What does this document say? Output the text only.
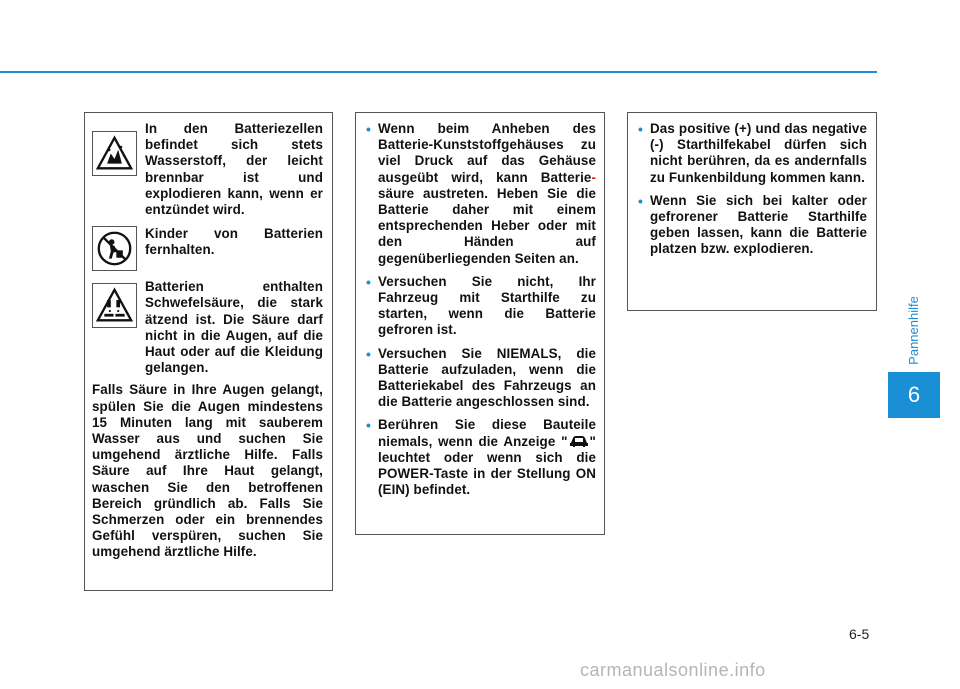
Pannenhilfe
6
In den Batteriezellen befindet sich stets Wasserstoff, der leicht brennbar ist und explodieren kann, wenn er entzündet wird.
Kinder von Batterien fernhalten.
Batterien enthalten Schwefelsäure, die stark ätzend ist. Die Säure darf nicht in die Augen, auf die Haut oder auf die Kleidung gelangen.
Falls Säure in Ihre Augen gelangt, spülen Sie die Augen mindestens 15 Minuten lang mit sauberem Wasser aus und suchen Sie umgehend ärztliche Hilfe. Falls Säure auf Ihre Haut gelangt, waschen Sie den betroffenen Bereich gründlich ab. Falls Sie Schmerzen oder ein brennendes Gefühl verspüren, suchen Sie umgehend ärztliche Hilfe.
• Wenn beim Anheben des Batterie-Kunststoffgehäuses zu viel Druck auf das Gehäuse ausgeübt wird, kann Batterie-säure austreten. Heben Sie die Batterie daher mit einem entsprechenden Heber oder mit den Händen auf gegenüberliegenden Seiten an.
• Versuchen Sie nicht, Ihr Fahrzeug mit Starthilfe zu starten, wenn die Batterie gefroren ist.
• Versuchen Sie NIEMALS, die Batterie aufzuladen, wenn die Batteriekabel des Fahrzeugs an die Batterie angeschlossen sind.
• Berühren Sie diese Bauteile niemals, wenn die Anzeige " " leuchtet oder wenn sich die POWER-Taste in der Stellung ON (EIN) befindet.
• Das positive (+) und das negative (-) Starthilfekabel dürfen sich nicht berühren, da es andernfalls zu Funkenbildung kommen kann.
• Wenn Sie sich bei kalter oder gefrorener Batterie Starthilfe geben lassen, kann die Batterie platzen bzw. explodieren.
6-5
carmanualsonline.info
